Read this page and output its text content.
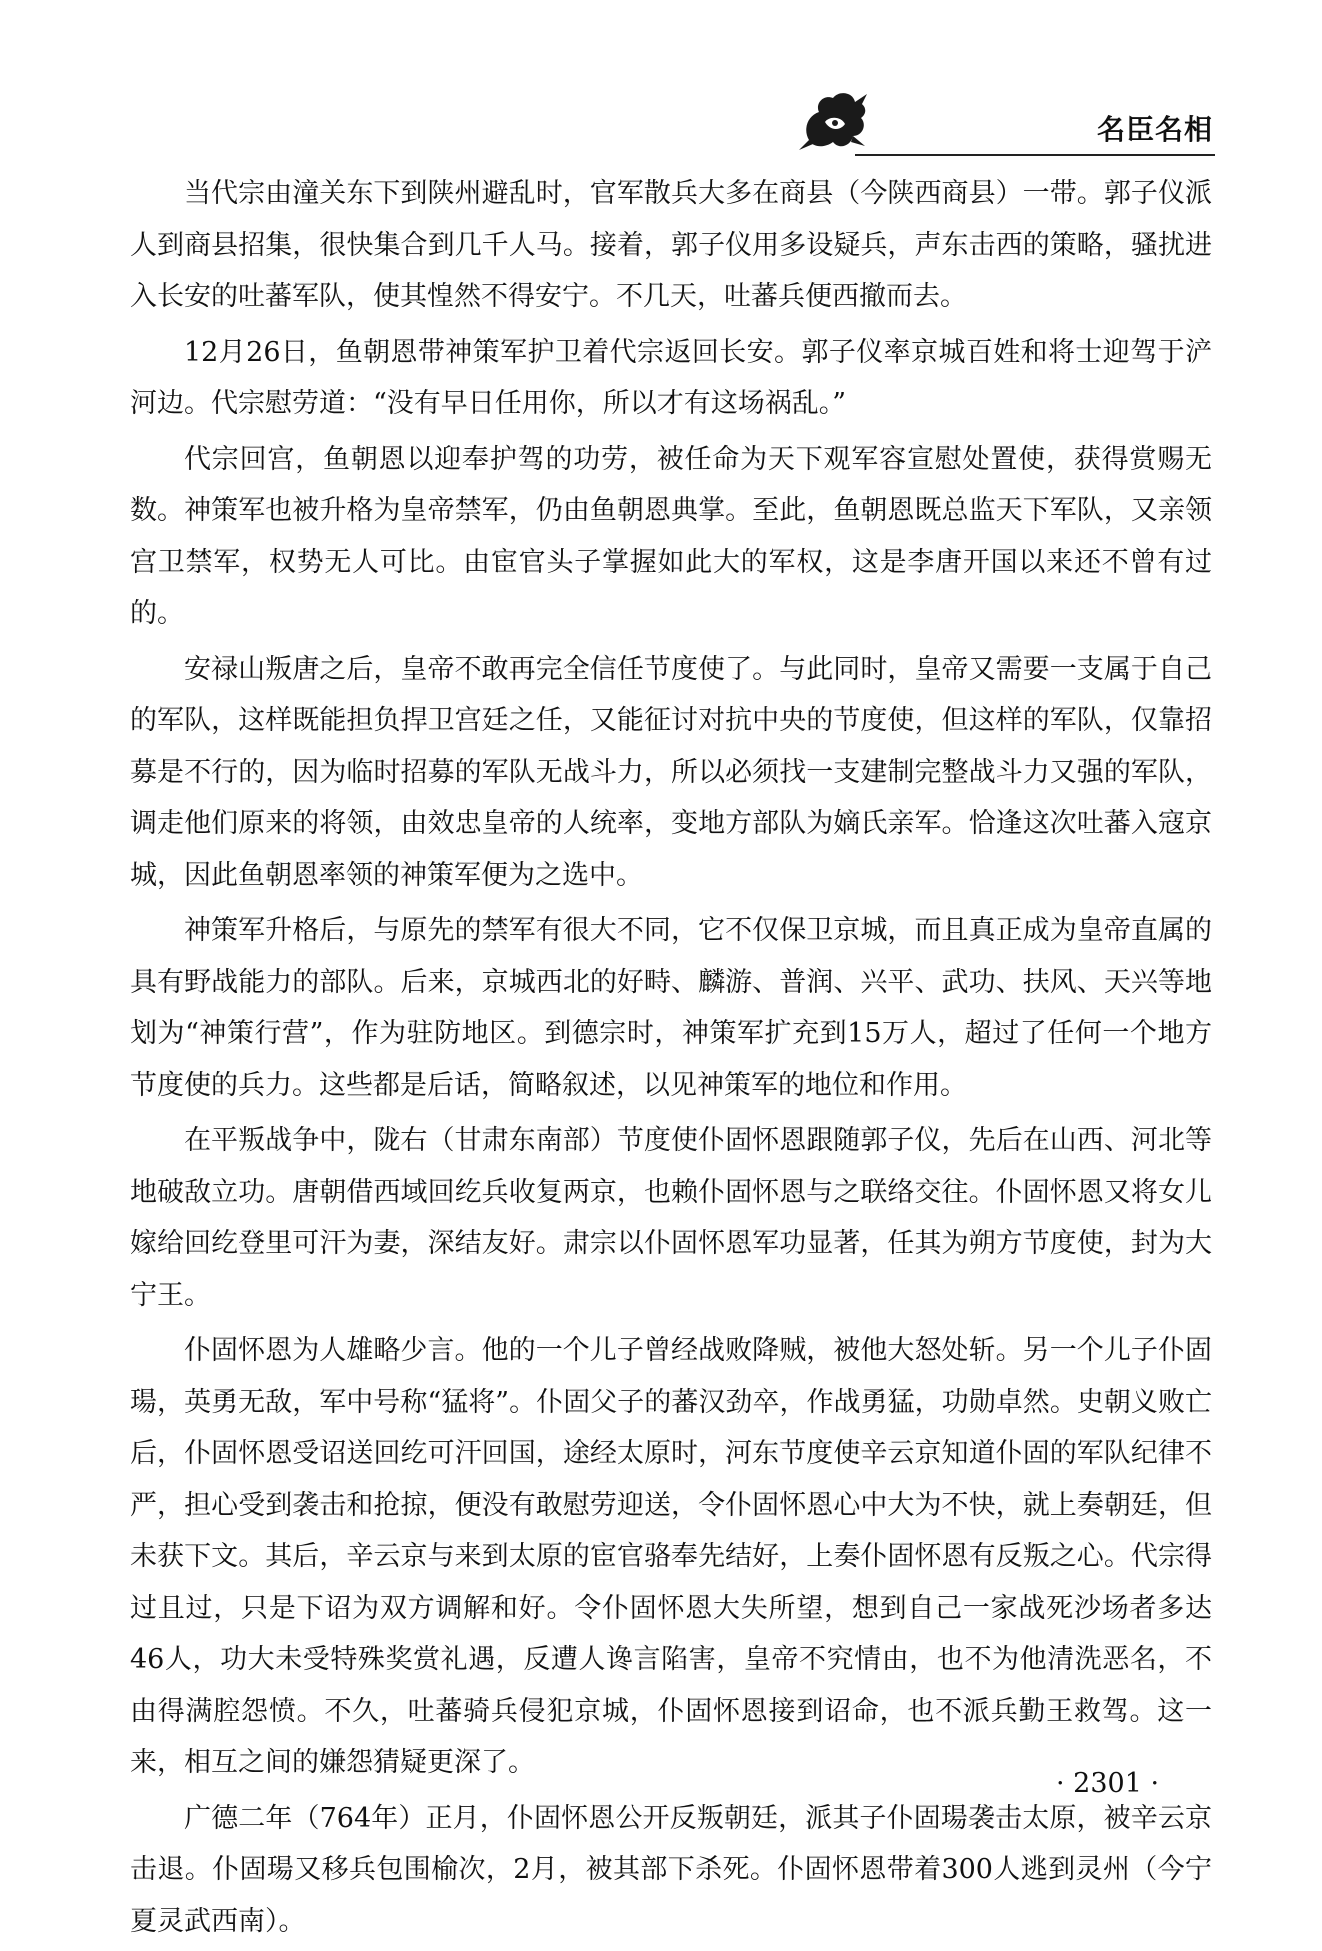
名臣名相

当代宗由潼关东下到陕州避乱时，官军散兵大多在商县（今陕西商县）一带。郭子仪派人到商县招集，很快集合到几千人马。接着，郭子仪用多设疑兵，声东击西的策略，骚扰进入长安的吐蕃军队，使其惶然不得安宁。不几天，吐蕃兵便西撤而去。

12月26日，鱼朝恩带神策军护卫着代宗返回长安。郭子仪率京城百姓和将士迎驾于浐河边。代宗慰劳道：“没有早日任用你，所以才有这场祸乱。”

代宗回宫，鱼朝恩以迎奉护驾的功劳，被任命为天下观军容宣慰处置使，获得赏赐无数。神策军也被升格为皇帝禁军，仍由鱼朝恩典掌。至此，鱼朝恩既总监天下军队，又亲领宫卫禁军，权势无人可比。由宦官头子掌握如此大的军权，这是李唐开国以来还不曾有过的。

安禄山叛唐之后，皇帝不敢再完全信任节度使了。与此同时，皇帝又需要一支属于自己的军队，这样既能担负捍卫宫廷之任，又能征讨对抗中央的节度使，但这样的军队，仅靠招募是不行的，因为临时招募的军队无战斗力，所以必须找一支建制完整战斗力又强的军队，调走他们原来的将领，由效忠皇帝的人统率，变地方部队为嫡氏亲军。恰逢这次吐蕃入寇京城，因此鱼朝恩率领的神策军便为之选中。

神策军升格后，与原先的禁军有很大不同，它不仅保卫京城，而且真正成为皇帝直属的具有野战能力的部队。后来，京城西北的好畤、麟游、普润、兴平、武功、扶风、天兴等地划为“神策行营”，作为驻防地区。到德宗时，神策军扩充到15万人，超过了任何一个地方节度使的兵力。这些都是后话，简略叙述，以见神策军的地位和作用。

在平叛战争中，陇右（甘肃东南部）节度使仆固怀恩跟随郭子仪，先后在山西、河北等地破敌立功。唐朝借西域回纥兵收复两京，也赖仆固怀恩与之联络交往。仆固怀恩又将女儿嫁给回纥登里可汗为妻，深结友好。肃宗以仆固怀恩军功显著，任其为朔方节度使，封为大宁王。

仆固怀恩为人雄略少言。他的一个儿子曾经战败降贼，被他大怒处斩。另一个儿子仆固瑒，英勇无敌，军中号称“猛将”。仆固父子的蕃汉劲卒，作战勇猛，功勋卓然。史朝义败亡后，仆固怀恩受诏送回纥可汗回国，途经太原时，河东节度使辛云京知道仆固的军队纪律不严，担心受到袭击和抢掠，便没有敢慰劳迎送，令仆固怀恩心中大为不快，就上奏朝廷，但未获下文。其后，辛云京与来到太原的宦官骆奉先结好，上奏仆固怀恩有反叛之心。代宗得过且过，只是下诏为双方调解和好。令仆固怀恩大失所望，想到自己一家战死沙场者多达46人，功大未受特殊奖赏礼遇，反遭人谗言陷害，皇帝不究情由，也不为他清洗恶名，不由得满腔怨愤。不久，吐蕃骑兵侵犯京城，仆固怀恩接到诏命，也不派兵勤王救驾。这一来，相互之间的嫌怨猜疑更深了。

广德二年（764年）正月，仆固怀恩公开反叛朝廷，派其子仆固瑒袭击太原，被辛云京击退。仆固瑒又移兵包围榆次，2月，被其部下杀死。仆固怀恩带着300人逃到灵州（今宁夏灵武西南）。

· 2301 ·
